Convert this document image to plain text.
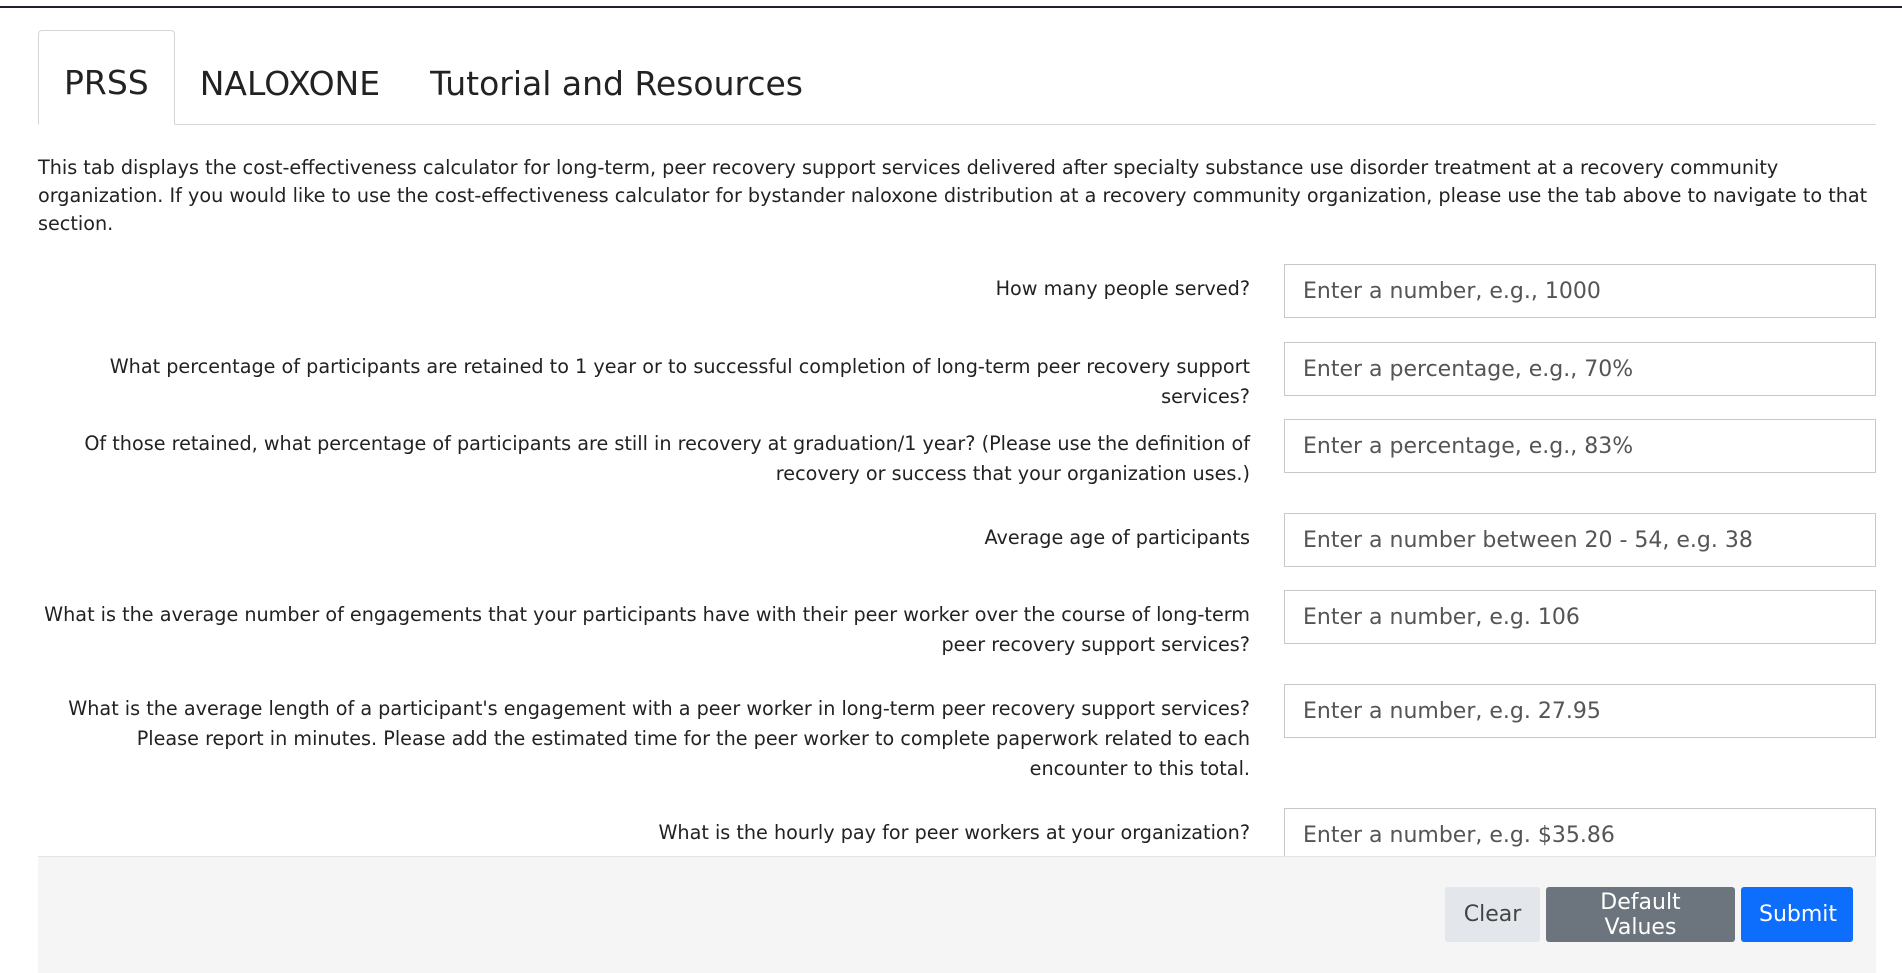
PRSS	NALOXONE	Tutorial and Resources
This tab displays the cost-effectiveness calculator for long-term, peer recovery support services delivered after specialty substance use disorder treatment at a recovery community organization. If you would like to use the cost-effectiveness calculator for bystander naloxone distribution at a recovery community organization, please use the tab above to navigate to that section.
How many people served?
Enter a number, e.g., 1000
What percentage of participants are retained to 1 year or to successful completion of long-term peer recovery support services?
Enter a percentage, e.g., 70%
Of those retained, what percentage of participants are still in recovery at graduation/1 year? (Please use the definition of recovery or success that your organization uses.)
Enter a percentage, e.g., 83%
Average age of participants
Enter a number between 20 - 54, e.g. 38
What is the average number of engagements that your participants have with their peer worker over the course of long-term peer recovery support services?
Enter a number, e.g. 106
What is the average length of a participant's engagement with a peer worker in long-term peer recovery support services? Please report in minutes. Please add the estimated time for the peer worker to complete paperwork related to each encounter to this total.
Enter a number, e.g. 27.95
What is the hourly pay for peer workers at your organization?
Enter a number, e.g. $35.86
Clear	Default Values	Submit
